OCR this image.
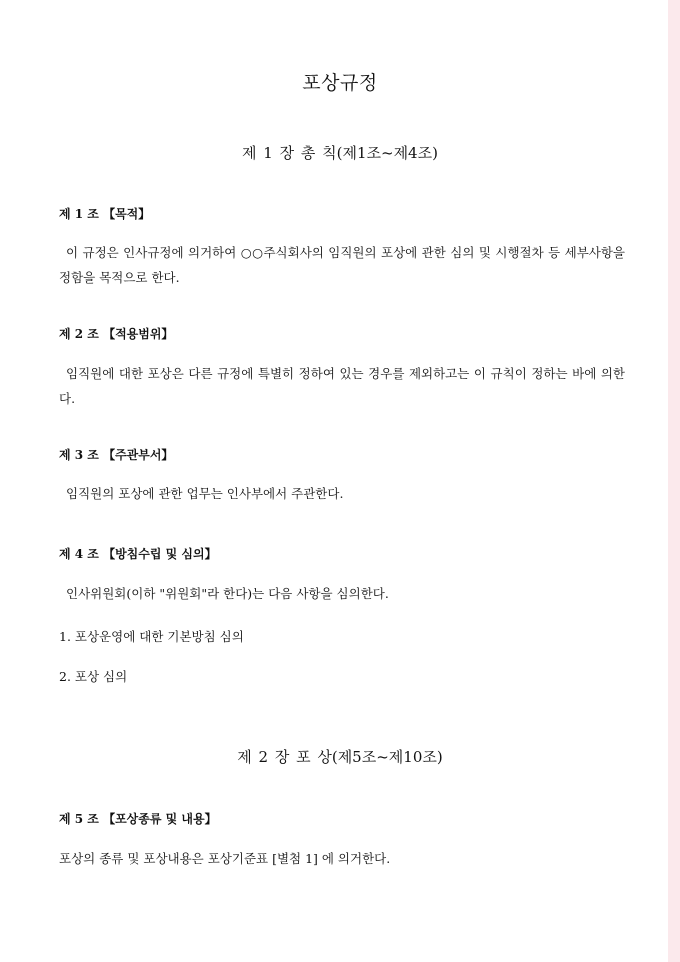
포상규정
제 1 장 총 칙(제1조~제4조)
제 1 조 【목적】
이 규정은 인사규정에 의거하여 ○○주식회사의 임직원의 포상에 관한 심의 및 시행절차 등 세부사항을 정함을 목적으로 한다.
제 2 조 【적용범위】
임직원에 대한 포상은 다른 규정에 특별히 정하여 있는 경우를 제외하고는 이 규칙이 정하는 바에 의한다.
제 3 조 【주관부서】
임직원의 포상에 관한 업무는 인사부에서 주관한다.
제 4 조 【방침수립 및 심의】
인사위원회(이하 "위원회"라 한다)는 다음 사항을 심의한다.
1. 포상운영에 대한 기본방침 심의
2. 포상 심의
제 2 장 포 상(제5조~제10조)
제 5 조 【포상종류 및 내용】
포상의 종류 및 포상내용은 포상기준표 [별첨 1] 에 의거한다.
